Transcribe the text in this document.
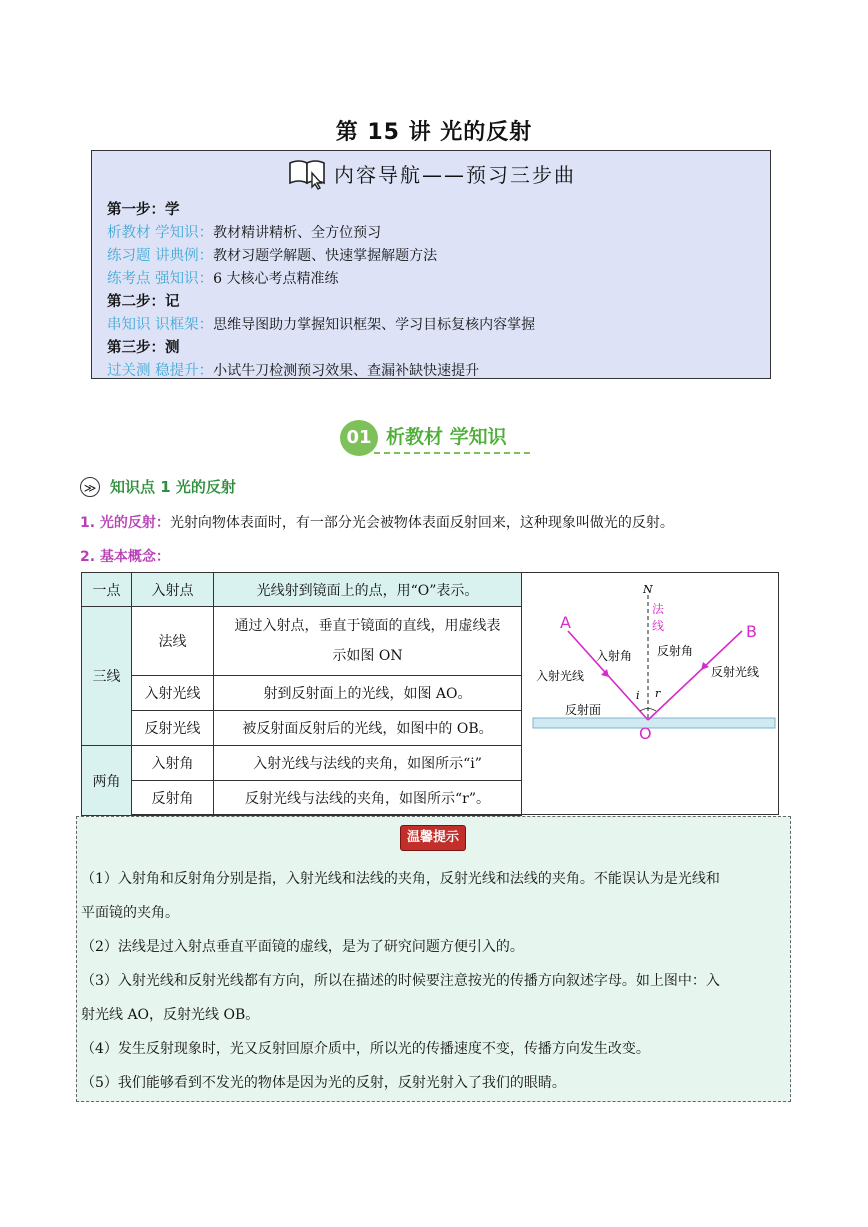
第 15 讲 光的反射
内容导航——预习三步曲
第一步：学
析教材 学知识：教材精讲精析、全方位预习
练习题 讲典例：教材习题学解题、快速掌握解题方法
练考点 强知识：6 大核心考点精准练
第二步：记
串知识 识框架：思维导图助力掌握知识框架、学习目标复核内容掌握
第三步：测
过关测 稳提升：小试牛刀检测预习效果、查漏补缺快速提升
01 析教材 学知识
≫ 知识点 1 光的反射
1. 光的反射：光射向物体表面时，有一部分光会被物体表面反射回来，这种现象叫做光的反射。
2. 基本概念：
一点	入射点	光线射到镜面上的点，用“O”表示。
三线	法线	通过入射点，垂直于镜面的直线，用虚线表
示如图 ON

	入射光线	射到反射面上的光线，如图 AO。
	反射光线	被反射面反射后的光线，如图中的 OB。
两角	入射角	入射光线与法线的夹角，如图所示“i”
	反射角	反射光线与法线的夹角，如图所示“r”。
N
法
线
A	B
O
入射角 反射角
入射光线	反射光线
反射面
i r
温馨提示
（1）入射角和反射角分别是指，入射光线和法线的夹角，反射光线和法线的夹角。不能误认为是光线和
平面镜的夹角。
（2）法线是过入射点垂直平面镜的虚线，是为了研究问题方便引入的。
（3）入射光线和反射光线都有方向，所以在描述的时候要注意按光的传播方向叙述字母。如上图中：入
射光线 AO，反射光线 OB。
（4）发生反射现象时，光又反射回原介质中，所以光的传播速度不变，传播方向发生改变。
（5）我们能够看到不发光的物体是因为光的反射，反射光射入了我们的眼睛。
